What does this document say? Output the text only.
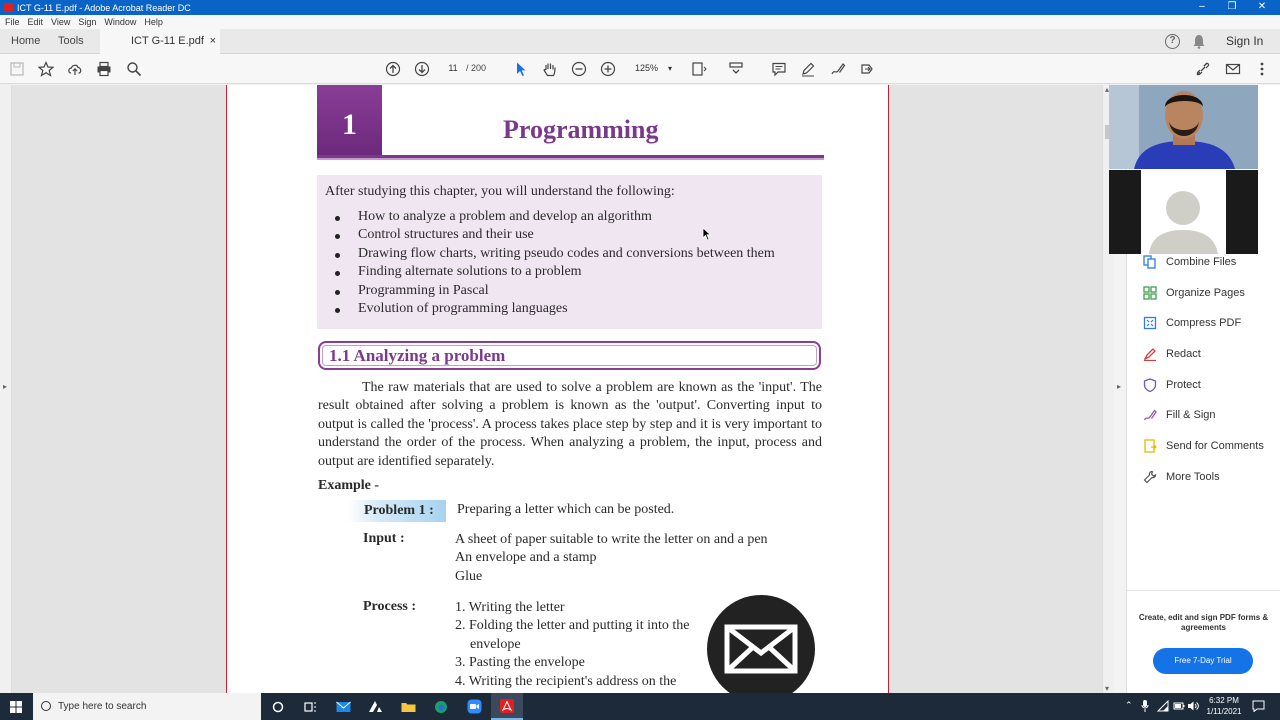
ICT G-11 E.pdf - Adobe Acrobat Reader DC	–	❐	✕
File Edit View Sign Window Help
Home Tools	ICT G-11 E.pdf ×	?	Sign In
11 / 200	125% ▾
▸
1	Programming
After studying this chapter, you will understand the following:
How to analyze a problem and develop an algorithm
Control structures and their use
Drawing flow charts, writing pseudo codes and conversions between them
Finding alternate solutions to a problem
Programming in Pascal
Evolution of programming languages
1.1 Analyzing a problem
The raw materials that are used to solve a problem are known as the 'input'. The result obtained after solving a problem is known as the 'output'. Converting input to output is called the 'process'. A process takes place step by step and it is very important to understand the order of the process. When analyzing a problem, the input, process and output are identified separately.
Example -
Problem 1 :	Preparing a letter which can be posted.
Input :	A sheet of paper suitable to write the letter on and a pen
An envelope and a stamp
Glue
Process :	1. Writing the letter
2. Folding the letter and putting it into the envelope
3. Pasting the envelope
4. Writing the recipient's address on the
▴
▾
▸
Combine Files
Organize Pages
Compress PDF
Redact
Protect
Fill & Sign
Send for Comments
More Tools
Create, edit and sign PDF forms & agreements
Free 7-Day Trial
Type here to search	⌃	6:32 PM
1/11/2021
